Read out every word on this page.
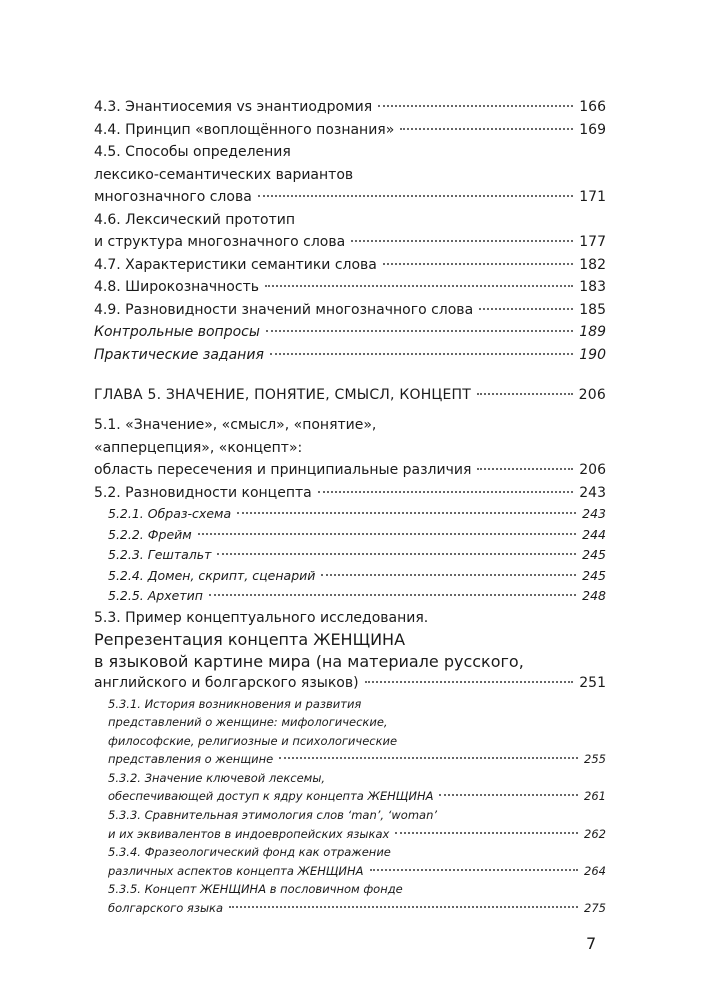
4.3. Энантиосемия vs энантиодромия	166
4.4. Принцип «воплощённого познания»	169
4.5. Способы определения
лексико-семантических вариантов
многозначного слова	171
4.6. Лексический прототип
и структура многозначного слова	177
4.7. Характеристики семантики слова	182
4.8. Широкозначность	183
4.9. Разновидности значений многозначного слова	185
Контрольные вопросы	189
Практические задания	190
ГЛАВА 5. ЗНАЧЕНИЕ, ПОНЯТИЕ, СМЫСЛ, КОНЦЕПТ	206
5.1. «Значение», «смысл», «понятие»,
«апперцепция», «концепт»:
область пересечения и принципиальные различия	206
5.2. Разновидности концепта	243
5.2.1. Образ-схема	243
5.2.2. Фрейм	244
5.2.3. Гештальт	245
5.2.4. Домен, скрипт, сценарий	245
5.2.5. Архетип	248
5.3. Пример концептуального исследования.
Репрезентация концепта ЖЕНЩИНА
в языковой картине мира (на материале русского,
английского и болгарского языков)	251
5.3.1. История возникновения и развития
представлений о женщине: мифологические,
философские, религиозные и психологические
представления о женщине	255
5.3.2. Значение ключевой лексемы,
обеспечивающей доступ к ядру концепта ЖЕНЩИНА	261
5.3.3. Сравнительная этимология слов ‘man’, ‘woman’
и их эквивалентов в индоевропейских языках	262
5.3.4. Фразеологический фонд как отражение
различных аспектов концепта ЖЕНЩИНА	264
5.3.5. Концепт ЖЕНЩИНА в пословичном фонде
болгарского языка	275
7
